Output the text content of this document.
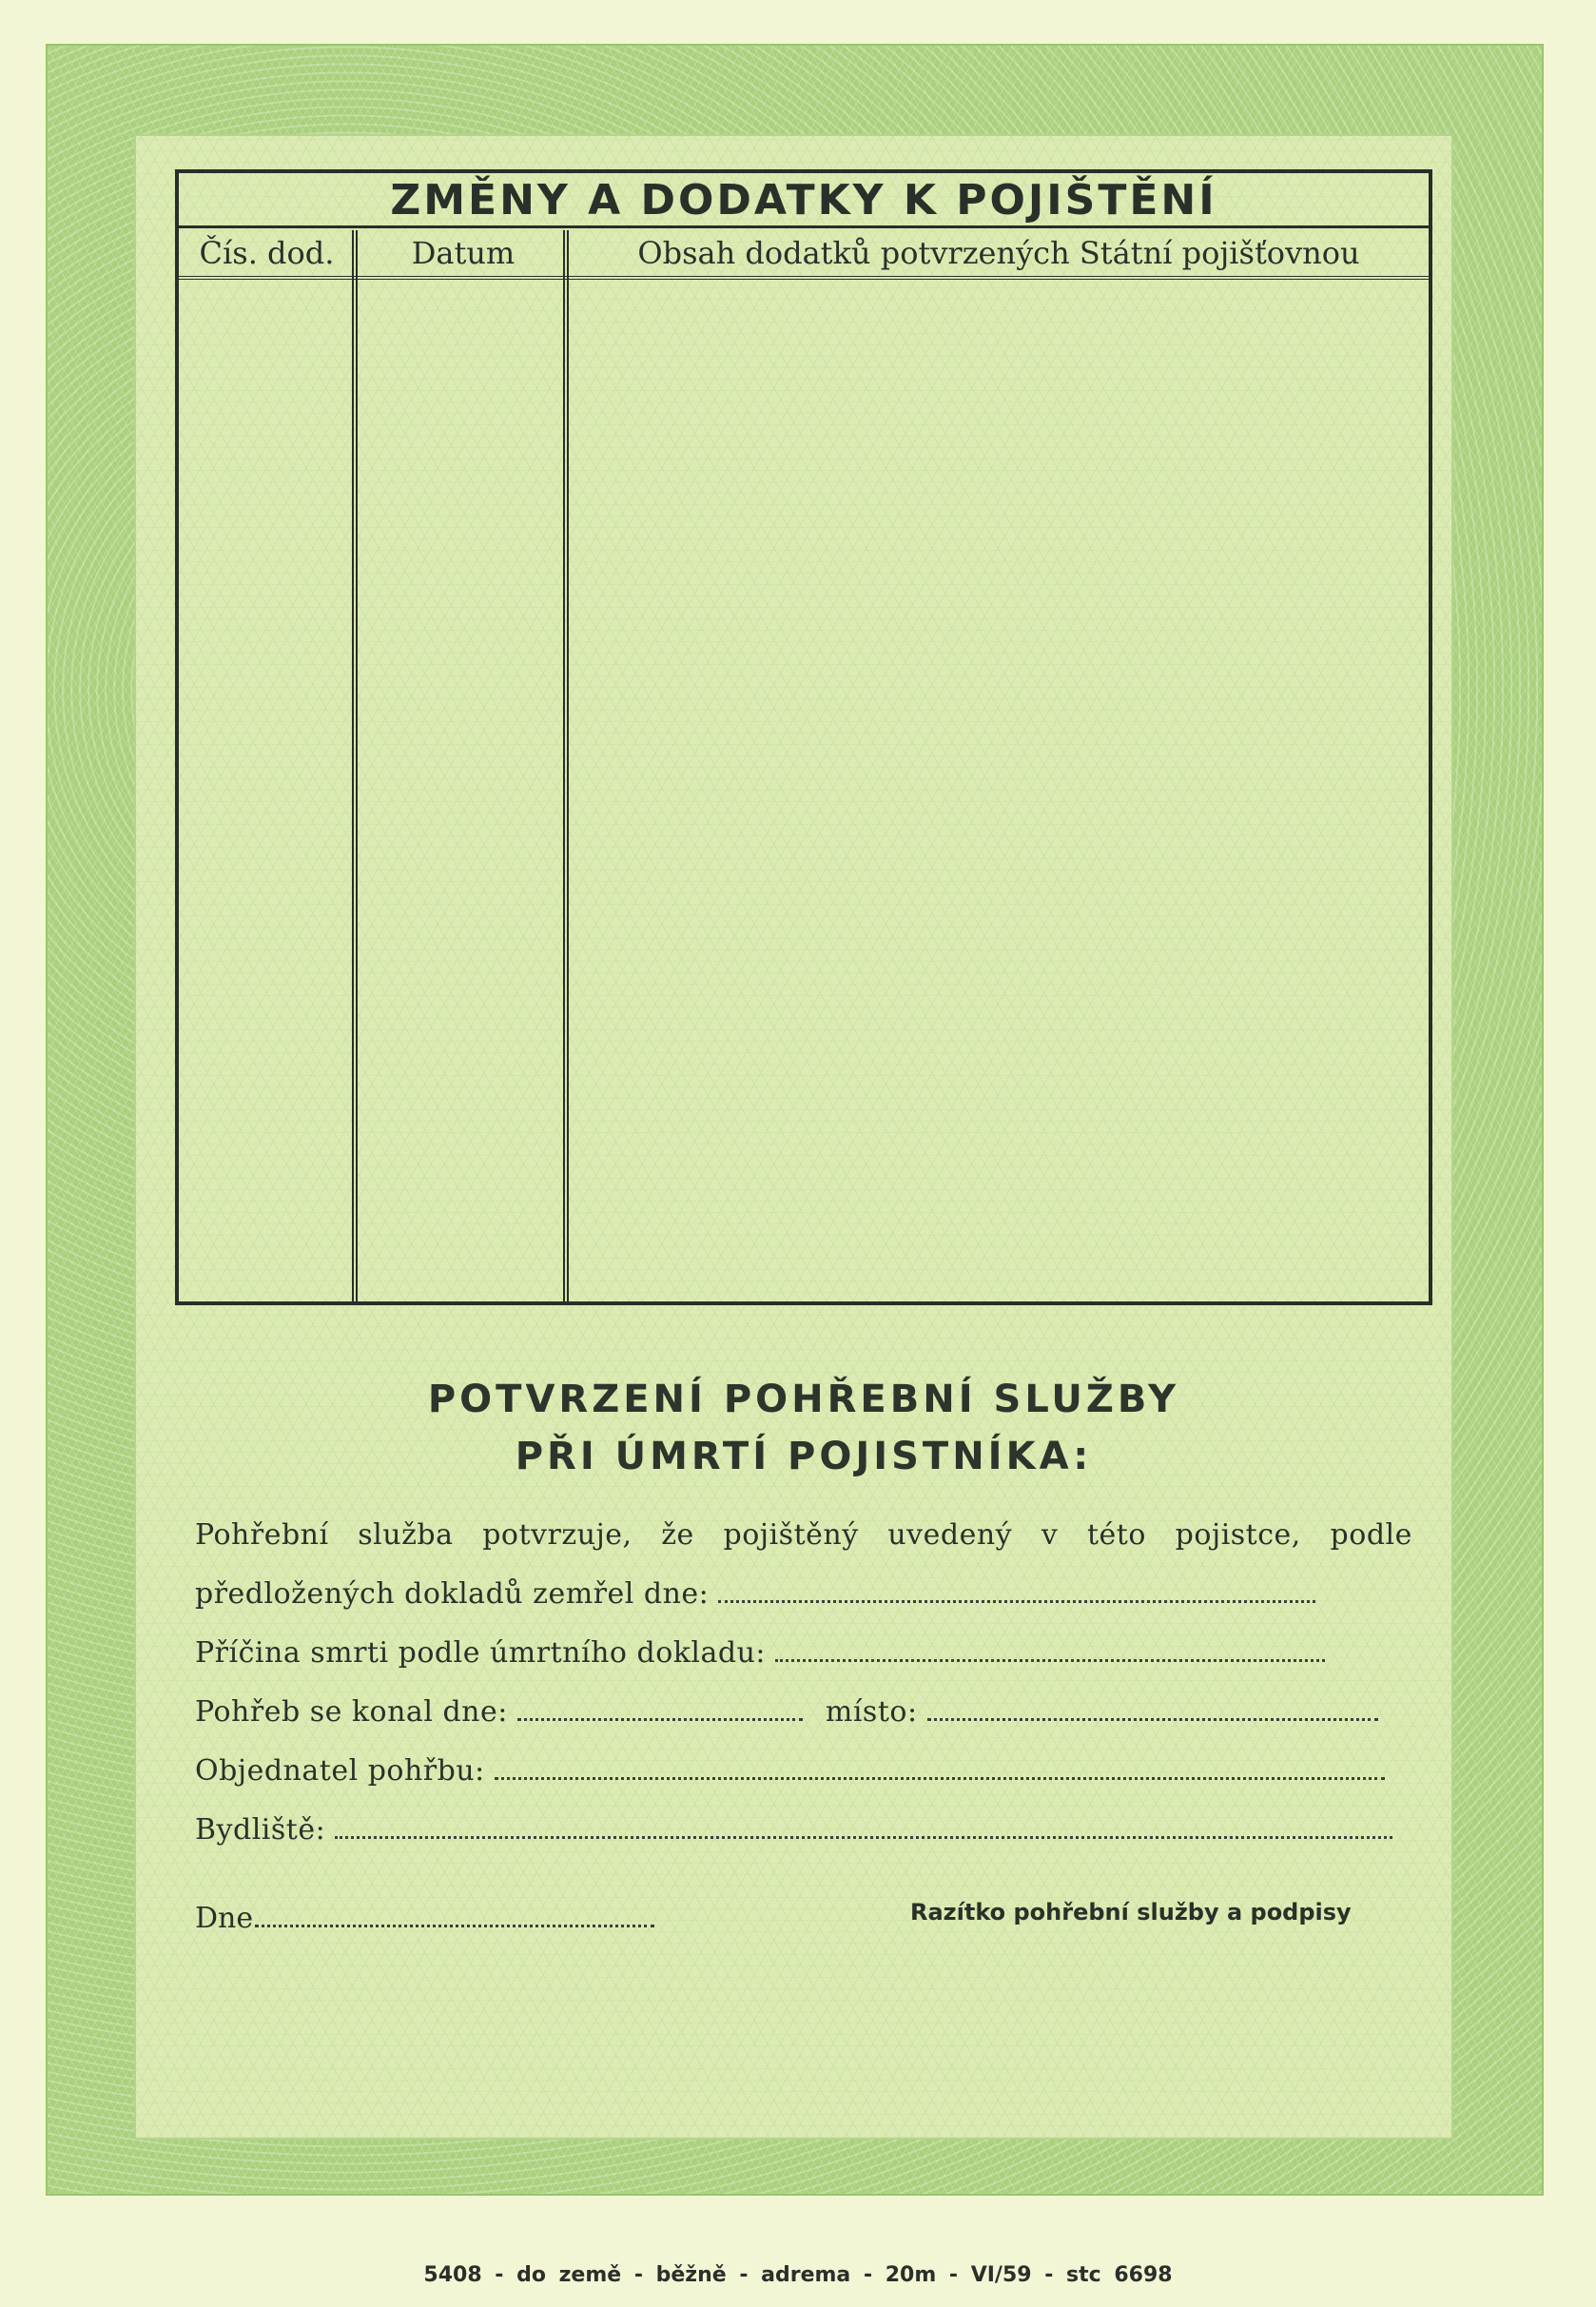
ZMĚNY A DODATKY K POJIŠTĚNÍ
Čís. dod.	Datum	Obsah dodatků potvrzených Státní pojišťovnou
POTVRZENÍ POHŘEBNÍ SLUŽBY
PŘI ÚMRTÍ POJISTNÍKA:
Pohřební služba potvrzuje, že pojištěný uvedený v této pojistce, podle
předložených dokladů zemřel dne:
Příčina smrti podle úmrtního dokladu:
Pohřeb se konal dne:	místo:
Objednatel pohřbu:
Bydliště:
Dne	Razítko pohřební služby a podpisy
5408 - do země - běžně - adrema - 20m - VI/59 - stc 6698
